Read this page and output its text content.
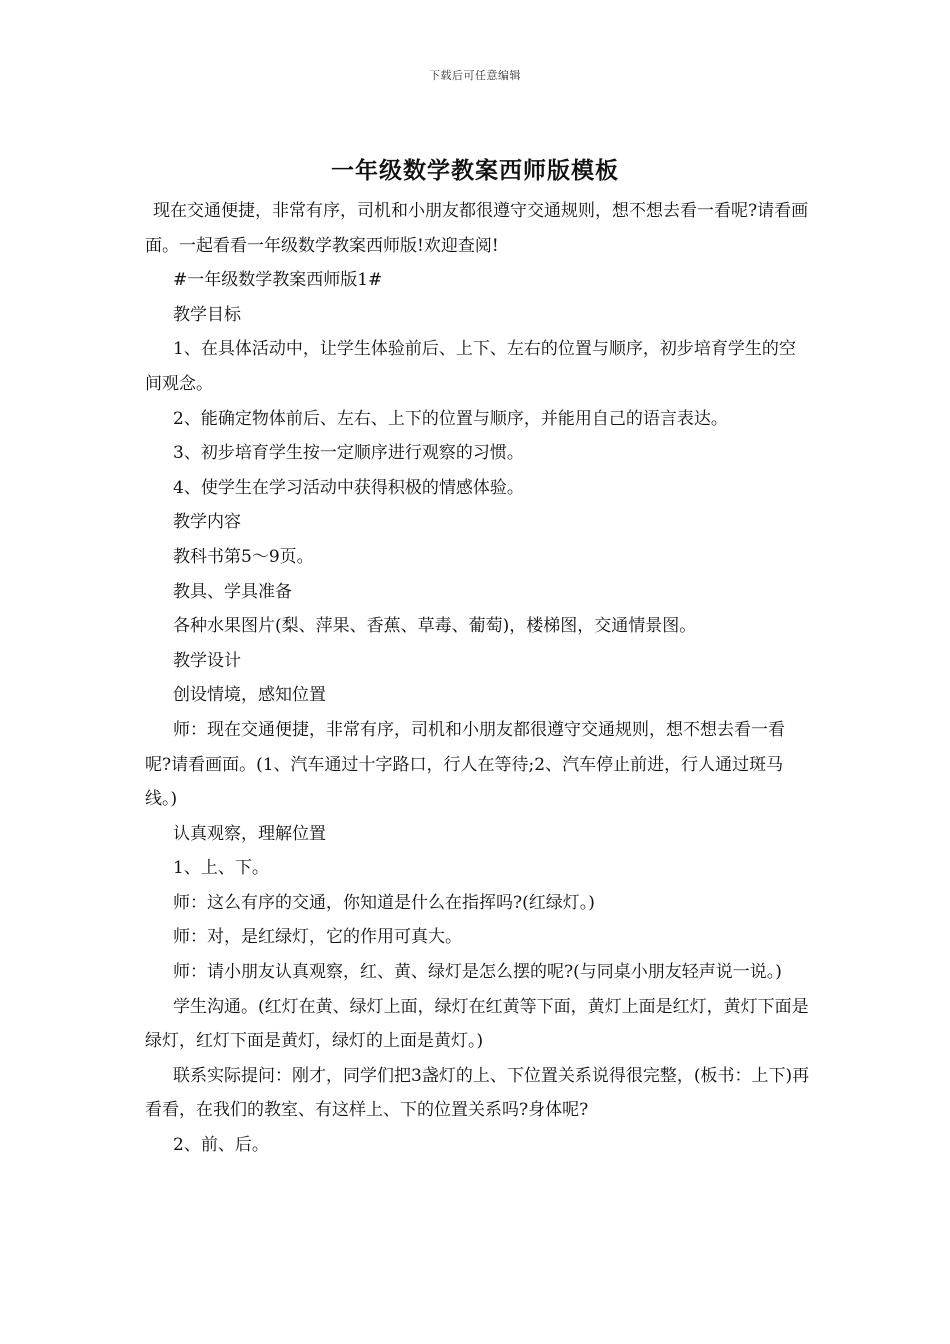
下载后可任意编辑
一年级数学教案西师版模板

现在交通便捷，非常有序，司机和小朋友都很遵守交通规则，想不想去看一看呢?请看画面。一起看看一年级数学教案西师版!欢迎查阅!

#一年级数学教案西师版1#

教学目标

1、在具体活动中，让学生体验前后、上下、左右的位置与顺序，初步培育学生的空间观念。

2、能确定物体前后、左右、上下的位置与顺序，并能用自己的语言表达。

3、初步培育学生按一定顺序进行观察的习惯。

4、使学生在学习活动中获得积极的情感体验。

教学内容

教科书第5～9页。

教具、学具准备

各种水果图片(梨、萍果、香蕉、草毒、葡萄)，楼梯图，交通情景图。

教学设计

创设情境，感知位置

师：现在交通便捷，非常有序，司机和小朋友都很遵守交通规则，想不想去看一看呢?请看画面。(1、汽车通过十字路口，行人在等待;2、汽车停止前进，行人通过斑马线。)

认真观察，理解位置

1、上、下。

师：这么有序的交通，你知道是什么在指挥吗?(红绿灯。)

师：对，是红绿灯，它的作用可真大。

师：请小朋友认真观察，红、黄、绿灯是怎么摆的呢?(与同桌小朋友轻声说一说。)

学生沟通。(红灯在黄、绿灯上面，绿灯在红黄等下面，黄灯上面是红灯，黄灯下面是绿灯，红灯下面是黄灯，绿灯的上面是黄灯。)

联系实际提问：刚才，同学们把3盏灯的上、下位置关系说得很完整，(板书：上下)再看看，在我们的教室、有这样上、下的位置关系吗?身体呢?

2、前、后。
